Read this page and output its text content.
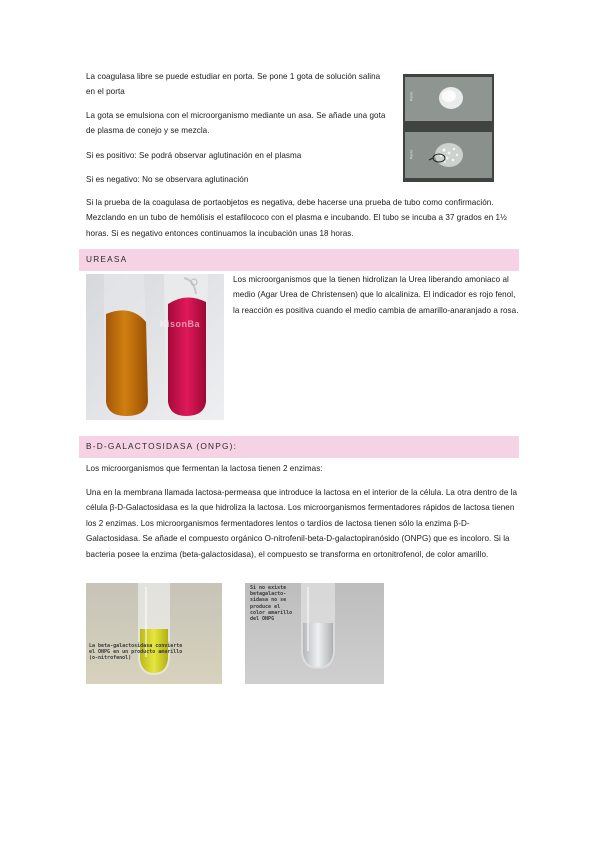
La coagulasa libre se puede estudiar en porta. Se pone 1 gota de solución salina en el porta

La gota se emulsiona con el microorganismo mediante un asa. Se añade una gota de plasma de conejo y se mezcla.

Si es positivo: Se podrá observar aglutinación en el plasma

Si es negativo: No se observara aglutinación

Si la prueba de la coagulasa de portaobjetos es negativa, debe hacerse una prueba de tubo como confirmación. Mezclando en un tubo de hemólisis el estafilococo con el plasma e incubando. El tubo se incuba a 37 grados en 1½ horas. Si es negativo entonces continuamos la incubación unas 18 horas.

Perro
Perro
UREASA
KisonBa

Los microorganismos que la tienen hidrolizan la Urea liberando amoniaco al medio (Agar Urea de Christensen) que lo alcaliniza. El indicador es rojo fenol, la reacción es positiva cuando el medio cambia de amarillo-anaranjado a rosa.

B-D-GALACTOSIDASA (ONPG):

Los microorganismos que fermentan la lactosa tienen 2 enzimas:

Una en la membrana llamada lactosa-permeasa que introduce la lactosa en el interior de la célula. La otra dentro de la célula β-D-Galactosidasa es la que hidroliza la lactosa. Los microorganismos fermentadores rápidos de lactosa tienen los 2 enzimas. Los microorganismos fermentadores lentos o tardíos de lactosa tienen sólo la enzima β-D-Galactosidasa. Se añade el compuesto orgánico O-nitrofenil-beta-D-galactopiranósido (ONPG) que es incoloro. Si la bacteria posee la enzima (beta-galactosidasa), el compuesto se transforma en ortonitrofenol, de color amarillo.

La beta-galactosidasa convierte el ONPG en un producto amarillo (o-nitrofenol)
Si no existe betagalacto-sidasa no se produce el color amarillo del ONPG
